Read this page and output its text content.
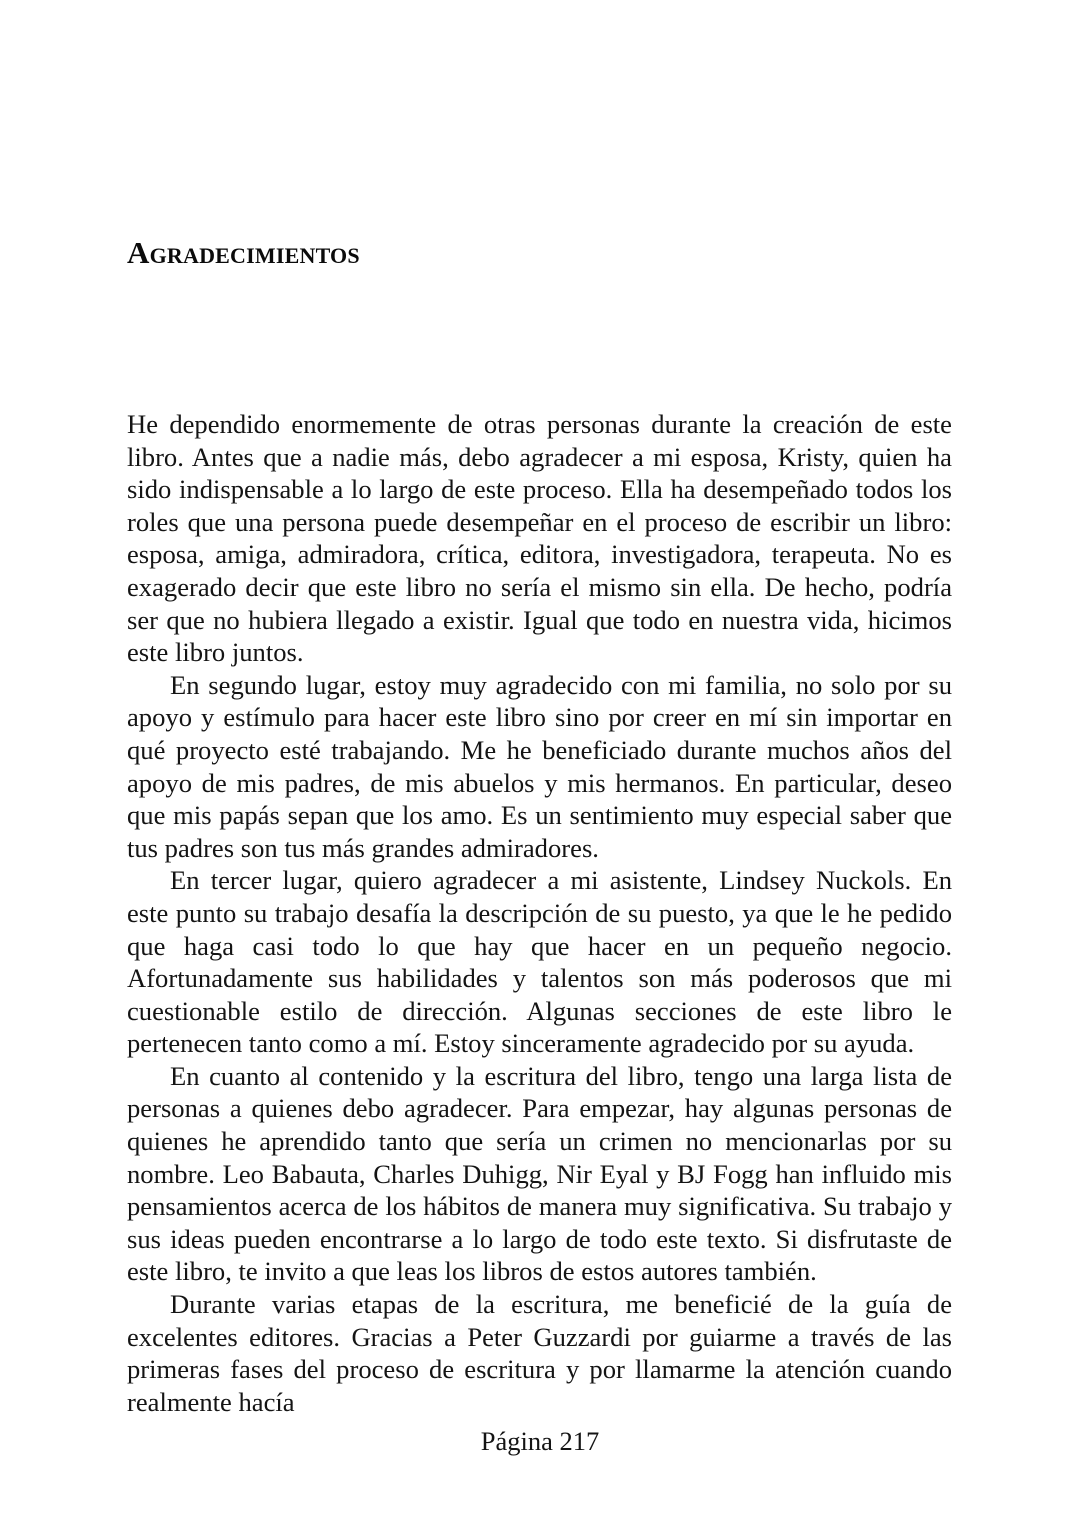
Agradecimientos

He dependido enormemente de otras personas durante la creación de este libro. Antes que a nadie más, debo agradecer a mi esposa, Kristy, quien ha sido indispensable a lo largo de este proceso. Ella ha desempeñado todos los roles que una persona puede desempeñar en el proceso de escribir un libro: esposa, amiga, admiradora, crítica, editora, investigadora, terapeuta. No es exagerado decir que este libro no sería el mismo sin ella. De hecho, podría ser que no hubiera llegado a existir. Igual que todo en nuestra vida, hicimos este libro juntos.

En segundo lugar, estoy muy agradecido con mi familia, no solo por su apoyo y estímulo para hacer este libro sino por creer en mí sin importar en qué proyecto esté trabajando. Me he beneficiado durante muchos años del apoyo de mis padres, de mis abuelos y mis hermanos. En particular, deseo que mis papás sepan que los amo. Es un sentimiento muy especial saber que tus padres son tus más grandes admiradores.

En tercer lugar, quiero agradecer a mi asistente, Lindsey Nuckols. En este punto su trabajo desafía la descripción de su puesto, ya que le he pedido que haga casi todo lo que hay que hacer en un pequeño negocio. Afortunadamente sus habilidades y talentos son más poderosos que mi cuestionable estilo de dirección. Algunas secciones de este libro le pertenecen tanto como a mí. Estoy sinceramente agradecido por su ayuda.

En cuanto al contenido y la escritura del libro, tengo una larga lista de personas a quienes debo agradecer. Para empezar, hay algunas personas de quienes he aprendido tanto que sería un crimen no mencionarlas por su nombre. Leo Babauta, Charles Duhigg, Nir Eyal y BJ Fogg han influido mis pensamientos acerca de los hábitos de manera muy significativa. Su trabajo y sus ideas pueden encontrarse a lo largo de todo este texto. Si disfrutaste de este libro, te invito a que leas los libros de estos autores también.

Durante varias etapas de la escritura, me beneficié de la guía de excelentes editores. Gracias a Peter Guzzardi por guiarme a través de las primeras fases del proceso de escritura y por llamarme la atención cuando realmente hacía

Página 217
